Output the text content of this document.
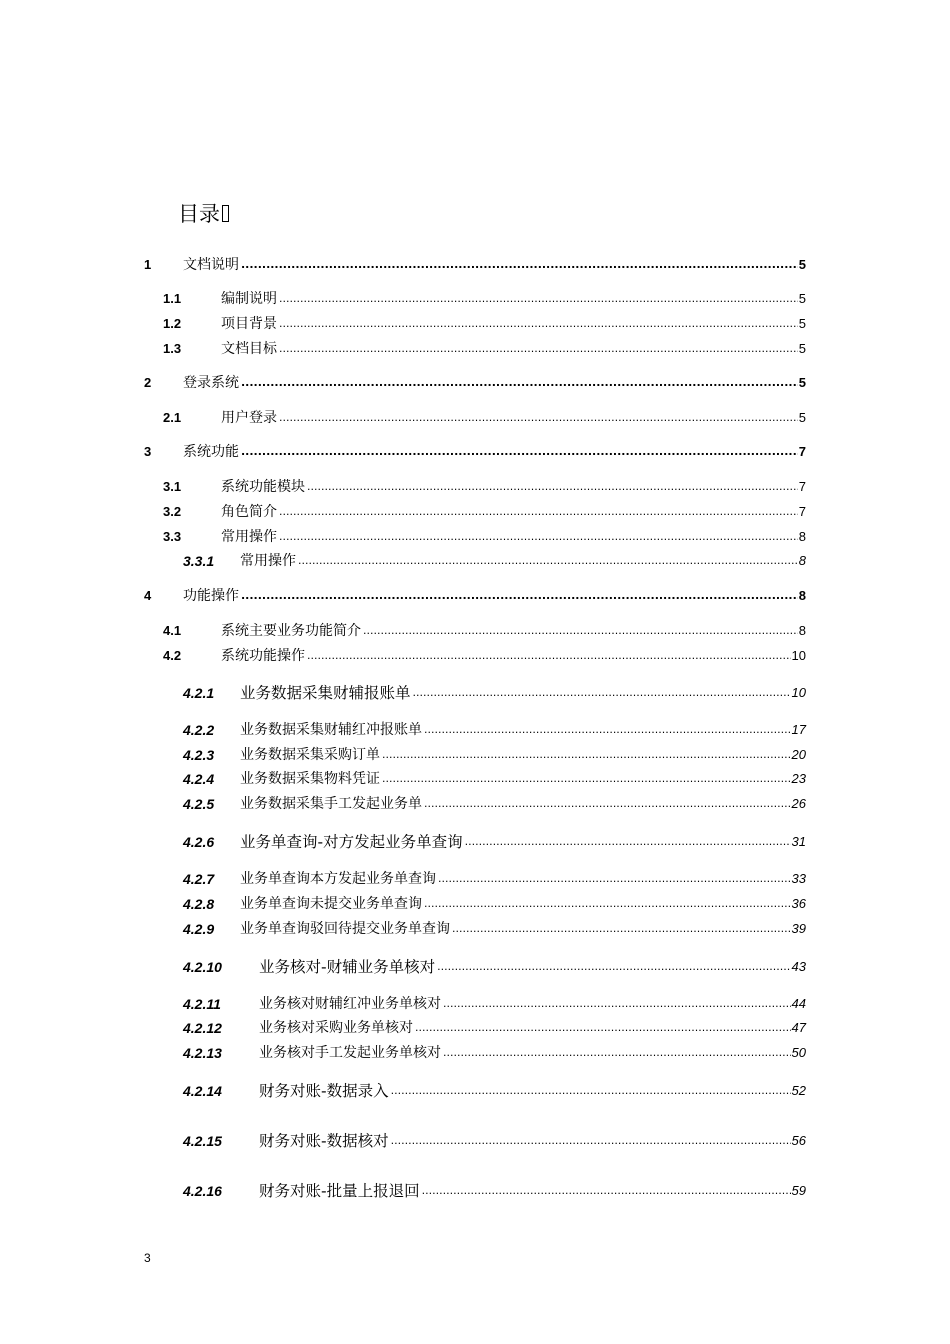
目录
1 文档说明 .....	5
1.1	编制说明 .....	5
1.2	项目背景 .....	5
1.3	文档目标 .....	5
2 登录系统 .....	5
2.1	用户登录 .....	5
3 系统功能 .....	7
3.1	系统功能模块 .....	7
3.2	角色简介 .....	7
3.3	常用操作 .....	8
3.3.1 常用操作 .....	8
4 功能操作 .....	8
4.1	系统主要业务功能简介 .....	8
4.2	系统功能操作 .....	10
4.2.1 业务数据采集财辅报账单 .....	10
4.2.2 业务数据采集财辅红冲报账单 .....	17
4.2.3 业务数据采集采购订单 .....	20
4.2.4 业务数据采集物料凭证 .....	23
4.2.5 业务数据采集手工发起业务单 .....	26
4.2.6 业务单查询-对方发起业务单查询 .....	31
4.2.7 业务单查询本方发起业务单查询 .....	33
4.2.8 业务单查询未提交业务单查询 .....	36
4.2.9 业务单查询驳回待提交业务单查询 .....	39
4.2.10 业务核对-财辅业务单核对 .....	43
4.2.11	业务核对财辅红冲业务单核对 .....	44
4.2.12	业务核对采购业务单核对 .....	47
4.2.13	业务核对手工发起业务单核对 .....	50
4.2.14 财务对账-数据录入 .....	52
4.2.15 财务对账-数据核对 .....	56
4.2.16 财务对账-批量上报退回 .....	59
3
